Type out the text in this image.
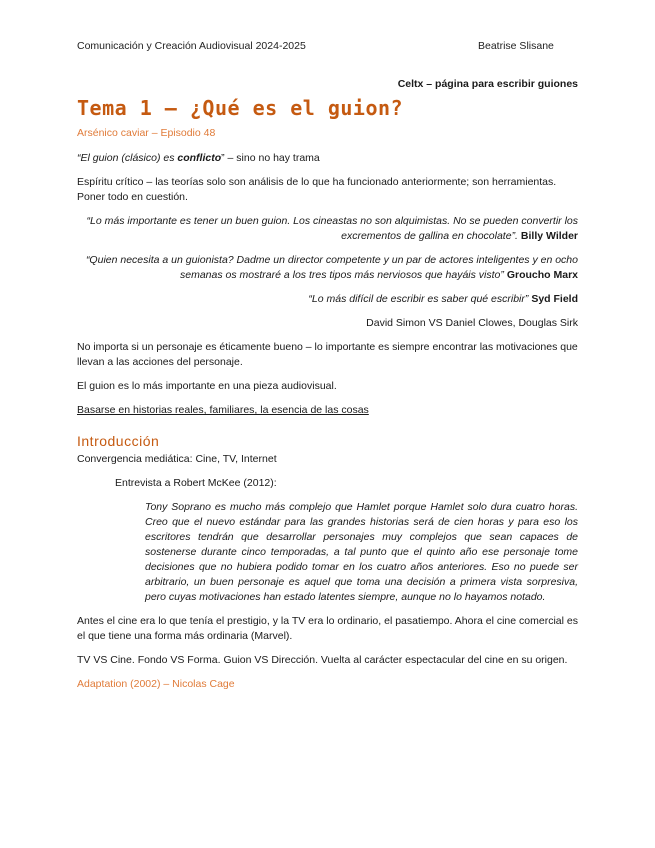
Comunicación y Creación Audiovisual 2024-2025	Beatrise Slisane

Celtx – página para escribir guiones

Tema 1 – ¿Qué es el guion?

Arsénico caviar – Episodio 48

“El guion (clásico) es conflicto” – sino no hay trama

Espíritu crítico – las teorías solo son análisis de lo que ha funcionado anteriormente; son herramientas. Poner todo en cuestión.

“Lo más importante es tener un buen guion. Los cineastas no son alquimistas. No se pueden convertir los excrementos de gallina en chocolate”. Billy Wilder

“Quien necesita a un guionista? Dadme un director competente y un par de actores inteligentes y en ocho semanas os mostraré a los tres tipos más nerviosos que hayáis visto” Groucho Marx

“Lo más difícil de escribir es saber qué escribir” Syd Field

David Simon VS Daniel Clowes, Douglas Sirk

No importa si un personaje es éticamente bueno – lo importante es siempre encontrar las motivaciones que llevan a las acciones del personaje.

El guion es lo más importante en una pieza audiovisual.

Basarse en historias reales, familiares, la esencia de las cosas

Introducción

Convergencia mediática: Cine, TV, Internet

Entrevista a Robert McKee (2012):

Tony Soprano es mucho más complejo que Hamlet porque Hamlet solo dura cuatro horas. Creo que el nuevo estándar para las grandes historias será de cien horas y para eso los escritores tendrán que desarrollar personajes muy complejos que sean capaces de sostenerse durante cinco temporadas, a tal punto que el quinto año ese personaje tome decisiones que no hubiera podido tomar en los cuatro años anteriores. Eso no puede ser arbitrario, un buen personaje es aquel que toma una decisión a primera vista sorpresiva, pero cuyas motivaciones han estado latentes siempre, aunque no lo hayamos notado.

Antes el cine era lo que tenía el prestigio, y la TV era lo ordinario, el pasatiempo. Ahora el cine comercial es el que tiene una forma más ordinaria (Marvel).

TV VS Cine. Fondo VS Forma. Guion VS Dirección. Vuelta al carácter espectacular del cine en su origen.

Adaptation (2002) – Nicolas Cage
